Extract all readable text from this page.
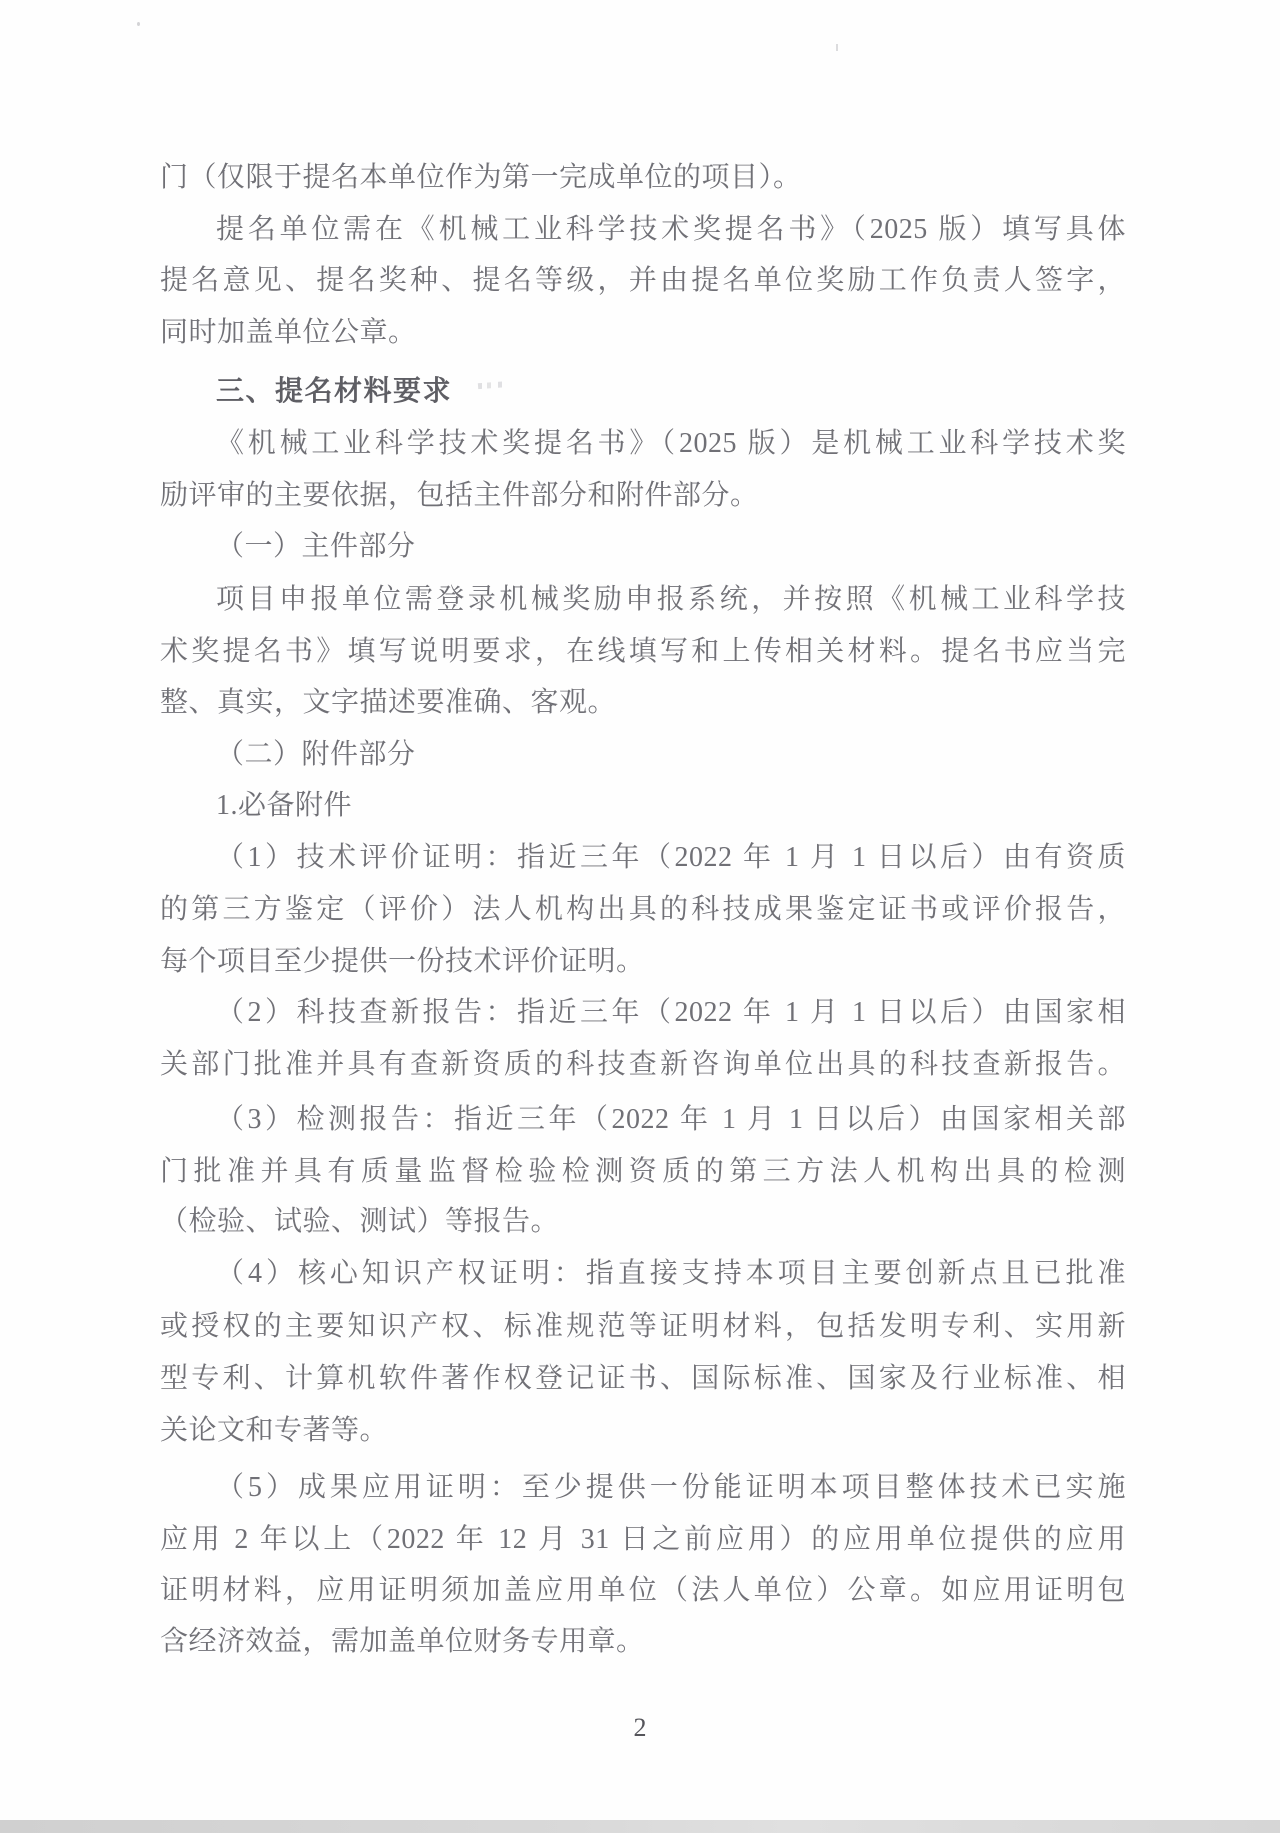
门（仅限于提名本单位作为第一完成单位的项目）。
提名单位需在《机械工业科学技术奖提名书》（2025 版）填写具体
提名意见、提名奖种、提名等级，并由提名单位奖励工作负责人签字，
同时加盖单位公章。
三、提名材料要求
《机械工业科学技术奖提名书》（2025 版）是机械工业科学技术奖
励评审的主要依据，包括主件部分和附件部分。
（一）主件部分
项目申报单位需登录机械奖励申报系统，并按照《机械工业科学技
术奖提名书》填写说明要求，在线填写和上传相关材料。提名书应当完
整、真实，文字描述要准确、客观。
（二）附件部分
1.必备附件
（1）技术评价证明：指近三年（2022 年 1 月 1 日以后）由有资质
的第三方鉴定（评价）法人机构出具的科技成果鉴定证书或评价报告，
每个项目至少提供一份技术评价证明。
（2）科技查新报告：指近三年（2022 年 1 月 1 日以后）由国家相
关部门批准并具有查新资质的科技查新咨询单位出具的科技查新报告。
（3）检测报告：指近三年（2022 年 1 月 1 日以后）由国家相关部
门批准并具有质量监督检验检测资质的第三方法人机构出具的检测
（检验、试验、测试）等报告。
（4）核心知识产权证明：指直接支持本项目主要创新点且已批准
或授权的主要知识产权、标准规范等证明材料，包括发明专利、实用新
型专利、计算机软件著作权登记证书、国际标准、国家及行业标准、相
关论文和专著等。
（5）成果应用证明：至少提供一份能证明本项目整体技术已实施
应用 2 年以上（2022 年 12 月 31 日之前应用）的应用单位提供的应用
证明材料，应用证明须加盖应用单位（法人单位）公章。如应用证明包
含经济效益，需加盖单位财务专用章。
2
